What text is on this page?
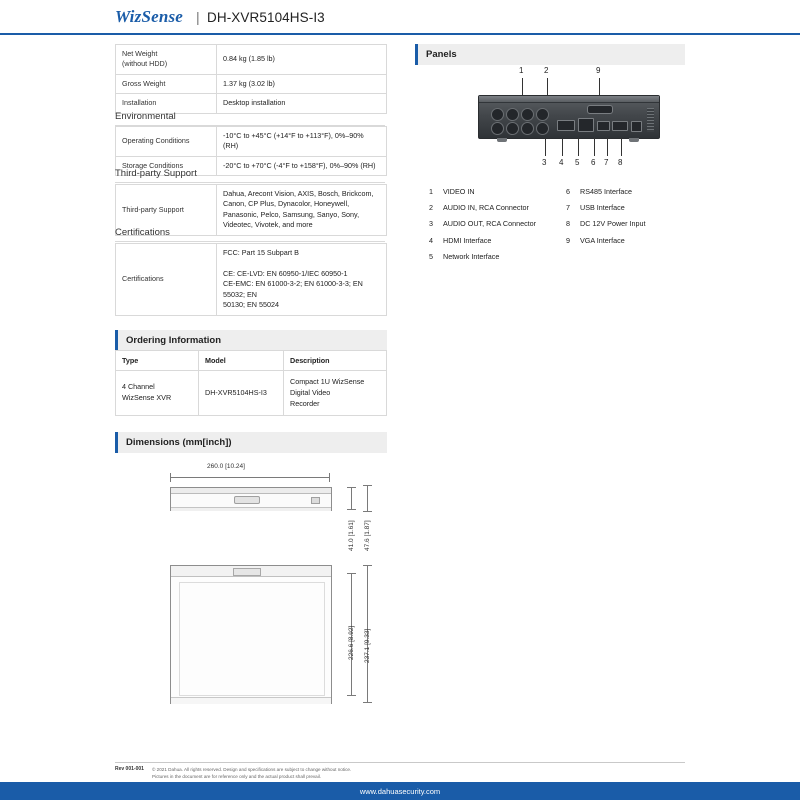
WizSense | DH-XVR5104HS-I3
Net Weight
(without HDD)	0.84 kg (1.85 lb)
Gross Weight	1.37 kg (3.02 lb)
Installation	Desktop installation
Environmental
Operating Conditions	-10°C to +45°C (+14°F to +113°F), 0%–90% (RH)
Storage Conditions	-20°C to +70°C (-4°F to +158°F), 0%–90% (RH)
Third-party Support
Third-party Support	Dahua, Arecont Vision, AXIS, Bosch, Brickcom, Canon, CP Plus, Dynacolor, Honeywell, Panasonic, Pelco, Samsung, Sanyo, Sony, Videotec, Vivotek, and more
Certifications
Certifications	FCC: Part 15 Subpart B

CE: CE-LVD: EN 60950-1/IEC 60950-1
CE-EMC: EN 61000-3-2; EN 61000-3-3; EN 55032; EN
50130; EN 55024
Panels
1	2	9
3 4 5 6 7 8
1	VIDEO IN
2	AUDIO IN, RCA Connector
3	AUDIO OUT, RCA Connector
4	HDMI Interface
5	Network Interface
6	RS485 Interface
7	USB Interface
8	DC 12V Power Input
9	VGA Interface
Ordering Information
Type	Model	Description
4 Channel
WizSense XVR	DH-XVR5104HS-I3	Compact 1U WizSense Digital Video
Recorder
Dimensions (mm[inch])
260.0 [10.24]
41.0 [1.61] 47.6 [1.87]
226.6 [8.92] 237.1 [9.33]
Rev 001-001 © 2021 Dahua. All rights reserved. Design and specifications are subject to change without notice.
Pictures in the document are for reference only and the actual product shall prevail.
www.dahuasecurity.com
